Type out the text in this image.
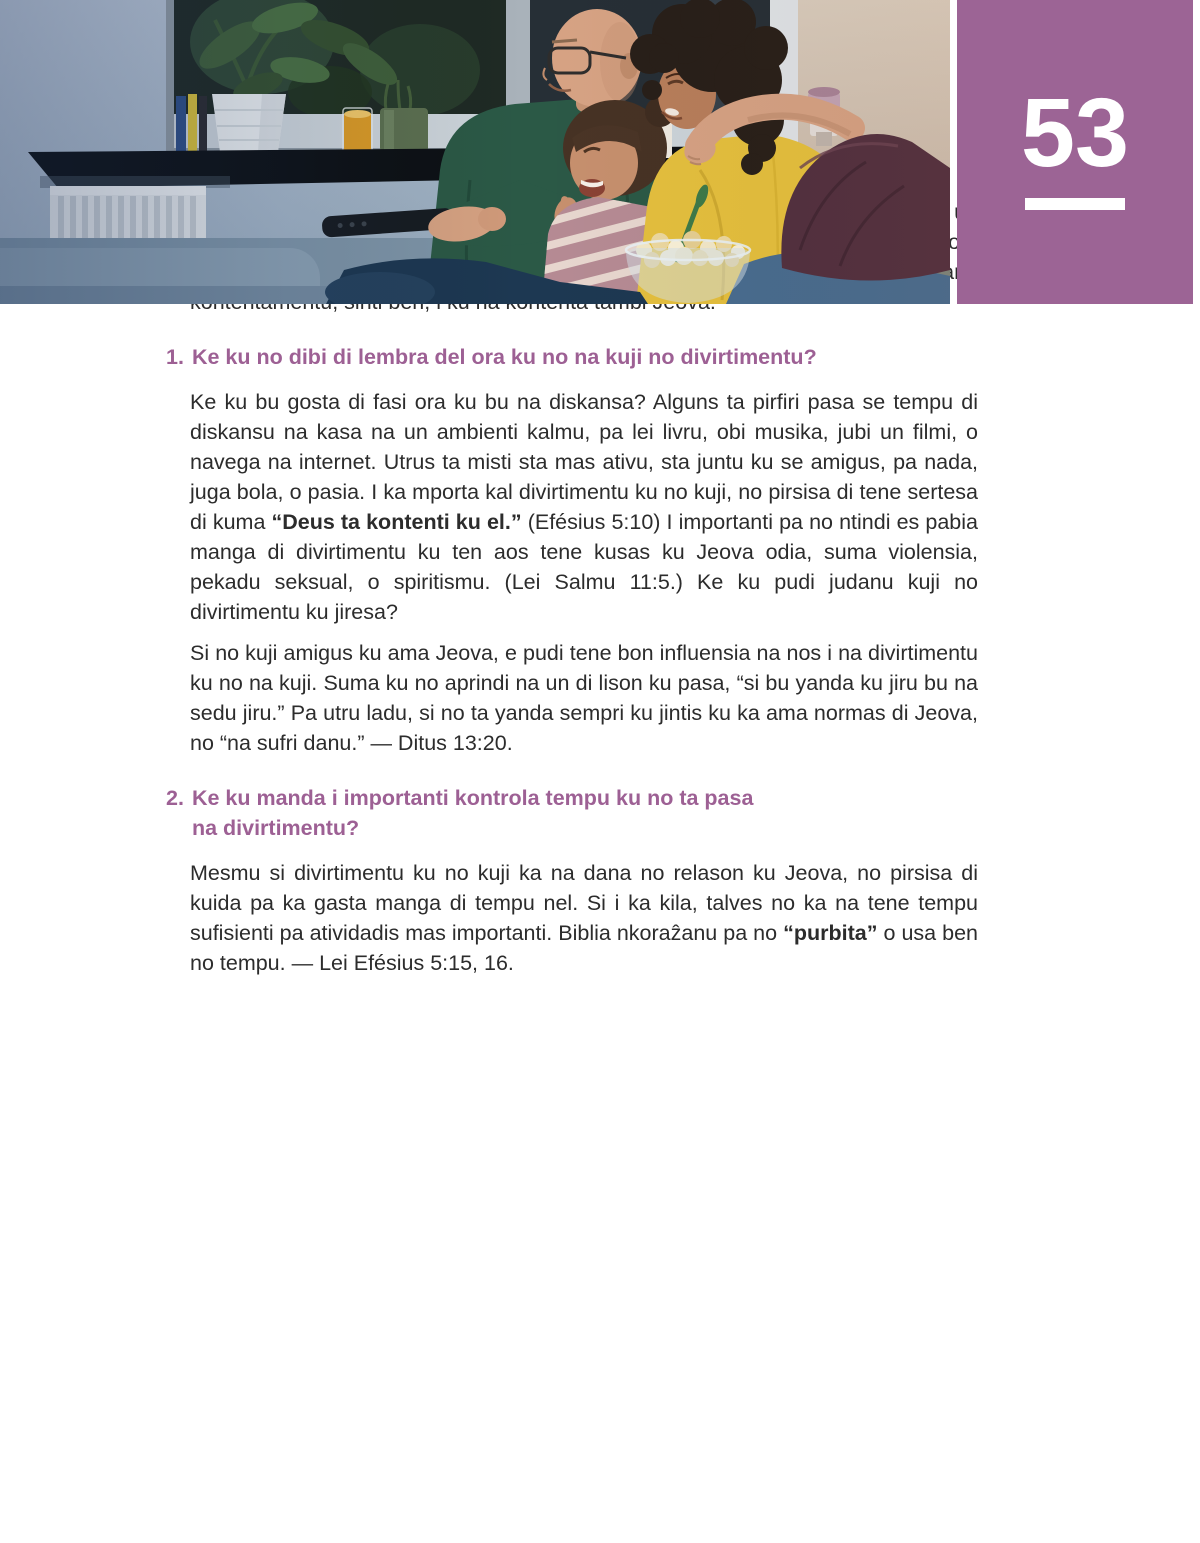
53

lison, danu

1. Ke ku no dibi di lembra del ora ku no na kuji no divirtimentu?

Ke ku bu gosta di fasi ora ku bu na diskansa? Alguns ta pirfiri pasa se tempu di diskansu na kasa na un ambienti kalmu, pa lei livru, obi musika, jubi un filmi, o navega na internet. Utrus ta misti sta mas ativu, sta juntu ku se amigus, pa nada, juga bola, o pasia. I ka mporta kal divirtimentu ku no kuji, no pirsisa di tene sertesa di kuma “Deus ta kontenti ku el.” (Efésius 5:10) I importanti pa no ntindi es pabia manga di divirtimentu ku ten aos tene kusas ku Jeova odia, suma violensia, pekadu seksual, o spiritismu. (Lei Salmu 11:5.) Ke ku pudi judanu kuji no divirtimentu ku jiresa?

Si no kuji amigus ku ama Jeova, e pudi tene bon influensia na nos i na divirtimentu ku no na kuji. Suma ku no aprindi na un di lison ku pasa, “si bu yanda ku jiru bu na sedu jiru.” Pa utru ladu, si no ta yanda sempri ku jintis ku ka ama normas di Jeova, no “na sufri danu.” — Ditus 13:20.

2. Ke ku manda i importanti kontrola tempu ku no ta pasa
na divirtimentu?

Mesmu si divirtimentu ku no kuji ka na dana no relason ku Jeova, no pirsisa di kuida pa ka gasta manga di tempu nel. Si i ka kila, talves no ka na tene tempu sufisienti pa atividadis mas importanti. Biblia nkoraẑanu pa no “purbita” o usa ben no tempu. — Lei Efésius 5:15, 16.
